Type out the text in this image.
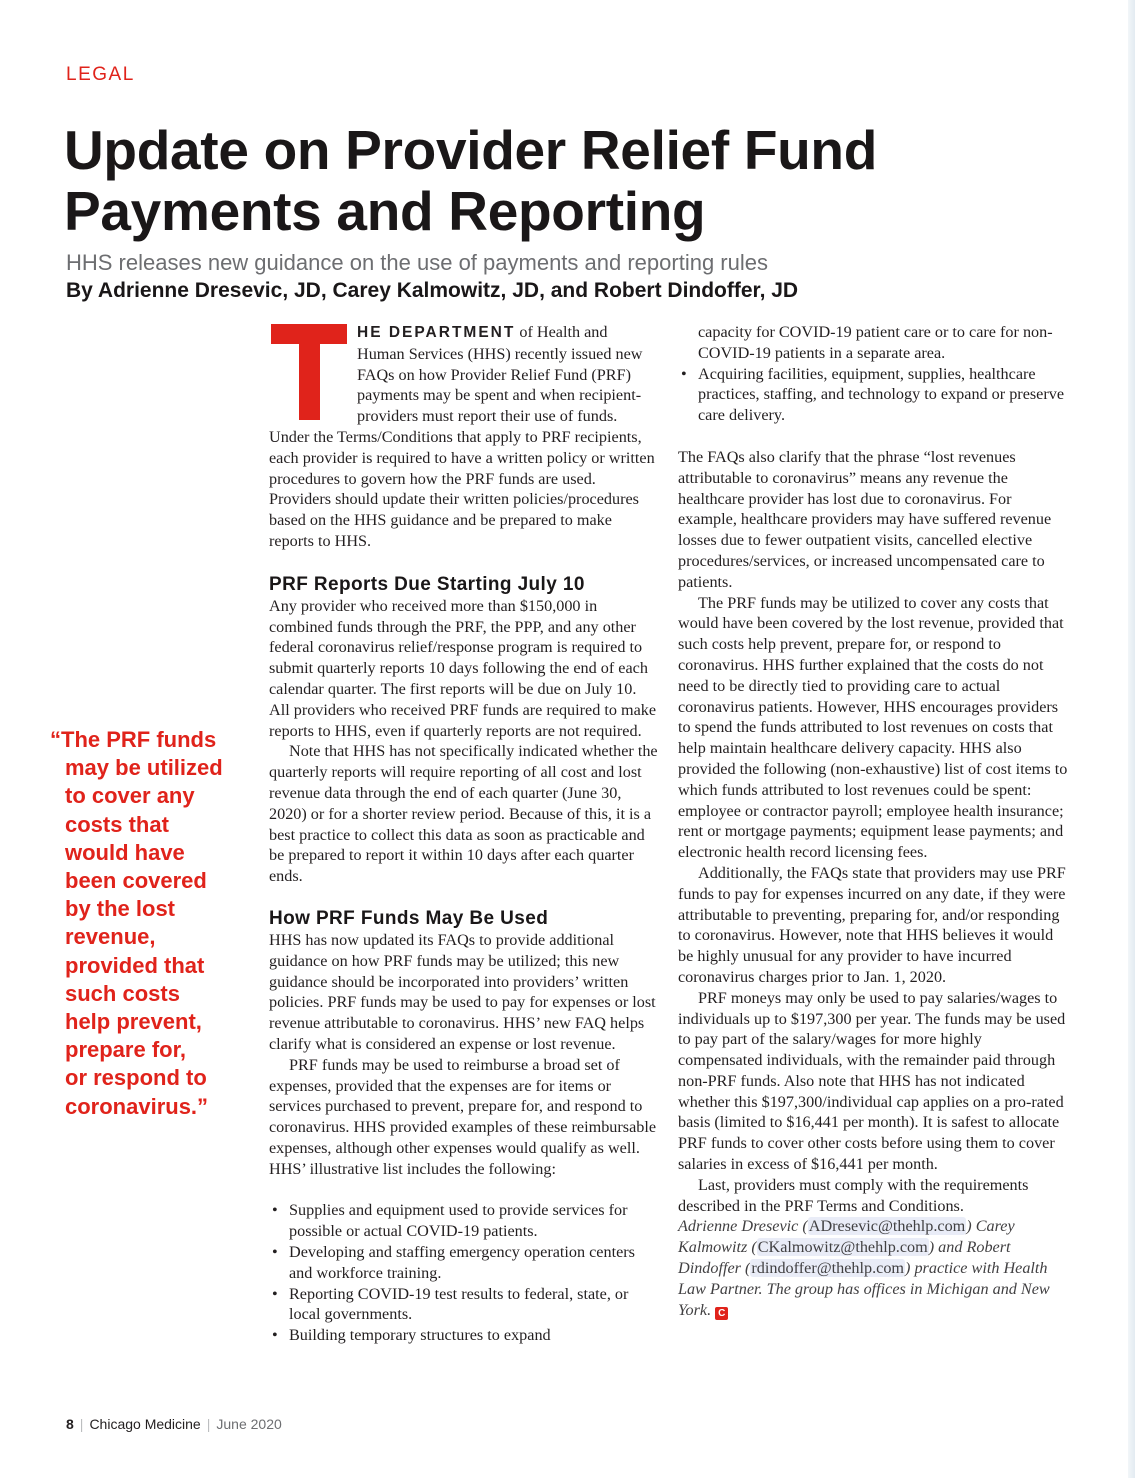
LEGAL
Update on Provider Relief Fund
Payments and Reporting
HHS releases new guidance on the use of payments and reporting rules
By Adrienne Dresevic, JD, Carey Kalmowitz, JD, and Robert Dindoffer, JD
“The PRF funds
may be utilized
to cover any
costs that
would have
been covered
by the lost
revenue,
provided that
such costs
help prevent,
prepare for,
or respond to
coronavirus.”

HE DEPARTMENT of Health and Human Services (HHS) recently issued new FAQs on how Provider Relief Fund (PRF) payments may be spent and when recipient-providers must report their use of funds. Under the Terms/Conditions that apply to PRF recipients, each provider is required to have a written policy or written procedures to govern how the PRF funds are used. Providers should update their written policies/procedures based on the HHS guidance and be prepared to make reports to HHS.

PRF Reports Due Starting July 10

Any provider who received more than $150,000 in combined funds through the PRF, the PPP, and any other federal coronavirus relief/response program is required to submit quarterly reports 10 days following the end of each calendar quarter. The first reports will be due on July 10. All providers who received PRF funds are required to make reports to HHS, even if quarterly reports are not required.

Note that HHS has not specifically indicated whether the quarterly reports will require reporting of all cost and lost revenue data through the end of each quarter (June 30, 2020) or for a shorter review period. Because of this, it is a best practice to collect this data as soon as practicable and be prepared to report it within 10 days after each quarter ends.

How PRF Funds May Be Used

HHS has now updated its FAQs to provide additional guidance on how PRF funds may be utilized; this new guidance should be incorporated into providers’ written policies. PRF funds may be used to pay for expenses or lost revenue attributable to coronavirus. HHS’ new FAQ helps clarify what is considered an expense or lost revenue.

PRF funds may be used to reimburse a broad set of expenses, provided that the expenses are for items or services purchased to prevent, prepare for, and respond to coronavirus. HHS provided examples of these reimbursable expenses, although other expenses would qualify as well. HHS’ illustrative list includes the following:

• Supplies and equipment used to provide services for possible or actual COVID-19 patients.
• Developing and staffing emergency operation centers and workforce training.
• Reporting COVID-19 test results to federal, state, or local governments.
• Building temporary structures to expand

capacity for COVID-19 patient care or to care for non-COVID-19 patients in a separate area.

• Acquiring facilities, equipment, supplies, healthcare practices, staffing, and technology to expand or preserve care delivery.

The FAQs also clarify that the phrase “lost revenues attributable to coronavirus” means any revenue the healthcare provider has lost due to coronavirus. For example, healthcare providers may have suffered revenue losses due to fewer outpatient visits, cancelled elective procedures/services, or increased uncompensated care to patients.

The PRF funds may be utilized to cover any costs that would have been covered by the lost revenue, provided that such costs help prevent, prepare for, or respond to coronavirus. HHS further explained that the costs do not need to be directly tied to providing care to actual coronavirus patients. However, HHS encourages providers to spend the funds attributed to lost revenues on costs that help maintain healthcare delivery capacity. HHS also provided the following (non-exhaustive) list of cost items to which funds attributed to lost revenues could be spent: employee or contractor payroll; employee health insurance; rent or mortgage payments; equipment lease payments; and electronic health record licensing fees.

Additionally, the FAQs state that providers may use PRF funds to pay for expenses incurred on any date, if they were attributable to preventing, preparing for, and/or responding to coronavirus. However, note that HHS believes it would be highly unusual for any provider to have incurred coronavirus charges prior to Jan. 1, 2020.

PRF moneys may only be used to pay salaries/wages to individuals up to $197,300 per year. The funds may be used to pay part of the salary/wages for more highly compensated individuals, with the remainder paid through non-PRF funds. Also note that HHS has not indicated whether this $197,300/individual cap applies on a pro-rated basis (limited to $16,441 per month). It is safest to allocate PRF funds to cover other costs before using them to cover salaries in excess of $16,441 per month.

Last, providers must comply with the requirements described in the PRF Terms and Conditions.

Adrienne Dresevic (ADresevic@thehlp.com) Carey Kalmowitz (CKalmowitz@thehlp.com) and Robert Dindoffer (rdindoffer@thehlp.com) practice with Health Law Partner. The group has offices in Michigan and New York. C

8 | Chicago Medicine | June 2020
